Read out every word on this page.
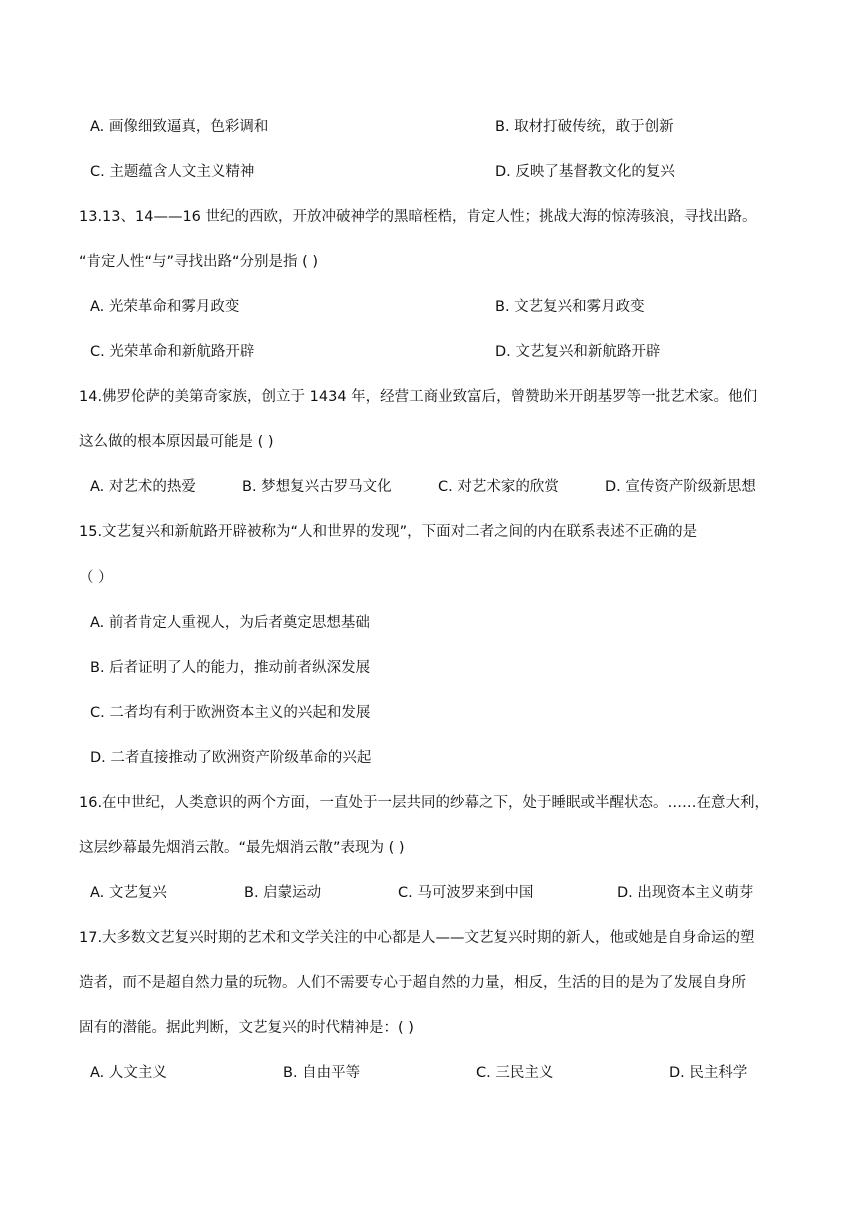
A. 画像细致逼真，色彩调和	B. 取材打破传统，敢于创新
C. 主题蕴含人文主义精神	D. 反映了基督教文化的复兴
13.13、14——16 世纪的西欧，开放冲破神学的黑暗桎梏，肯定人性；挑战大海的惊涛骇浪，寻找出路。
“肯定人性“与”寻找出路“分别是指 ( )
A. 光荣革命和雾月政变	B. 文艺复兴和雾月政变
C. 光荣革命和新航路开辟	D. 文艺复兴和新航路开辟
14.佛罗伦萨的美第奇家族，创立于 1434 年，经营工商业致富后，曾赞助米开朗基罗等一批艺术家。他们
这么做的根本原因最可能是 ( )
A. 对艺术的热爱	B. 梦想复兴古罗马文化	C. 对艺术家的欣赏	D. 宣传资产阶级新思想
15.文艺复兴和新航路开辟被称为“人和世界的发现”，下面对二者之间的内在联系表述不正确的是
（ ）
A. 前者肯定人重视人，为后者奠定思想基础
B. 后者证明了人的能力，推动前者纵深发展
C. 二者均有利于欧洲资本主义的兴起和发展
D. 二者直接推动了欧洲资产阶级革命的兴起
16.在中世纪，人类意识的两个方面，一直处于一层共同的纱幕之下，处于睡眠或半醒状态。……在意大利，
这层纱幕最先烟消云散。“最先烟消云散”表现为 ( )
A. 文艺复兴	B. 启蒙运动	C. 马可波罗来到中国	D. 出现资本主义萌芽
17.大多数文艺复兴时期的艺术和文学关注的中心都是人——文艺复兴时期的新人，他或她是自身命运的塑
造者，而不是超自然力量的玩物。人们不需要专心于超自然的力量，相反，生活的目的是为了发展自身所
固有的潜能。据此判断，文艺复兴的时代精神是：( )
A. 人文主义	B. 自由平等	C. 三民主义	D. 民主科学
